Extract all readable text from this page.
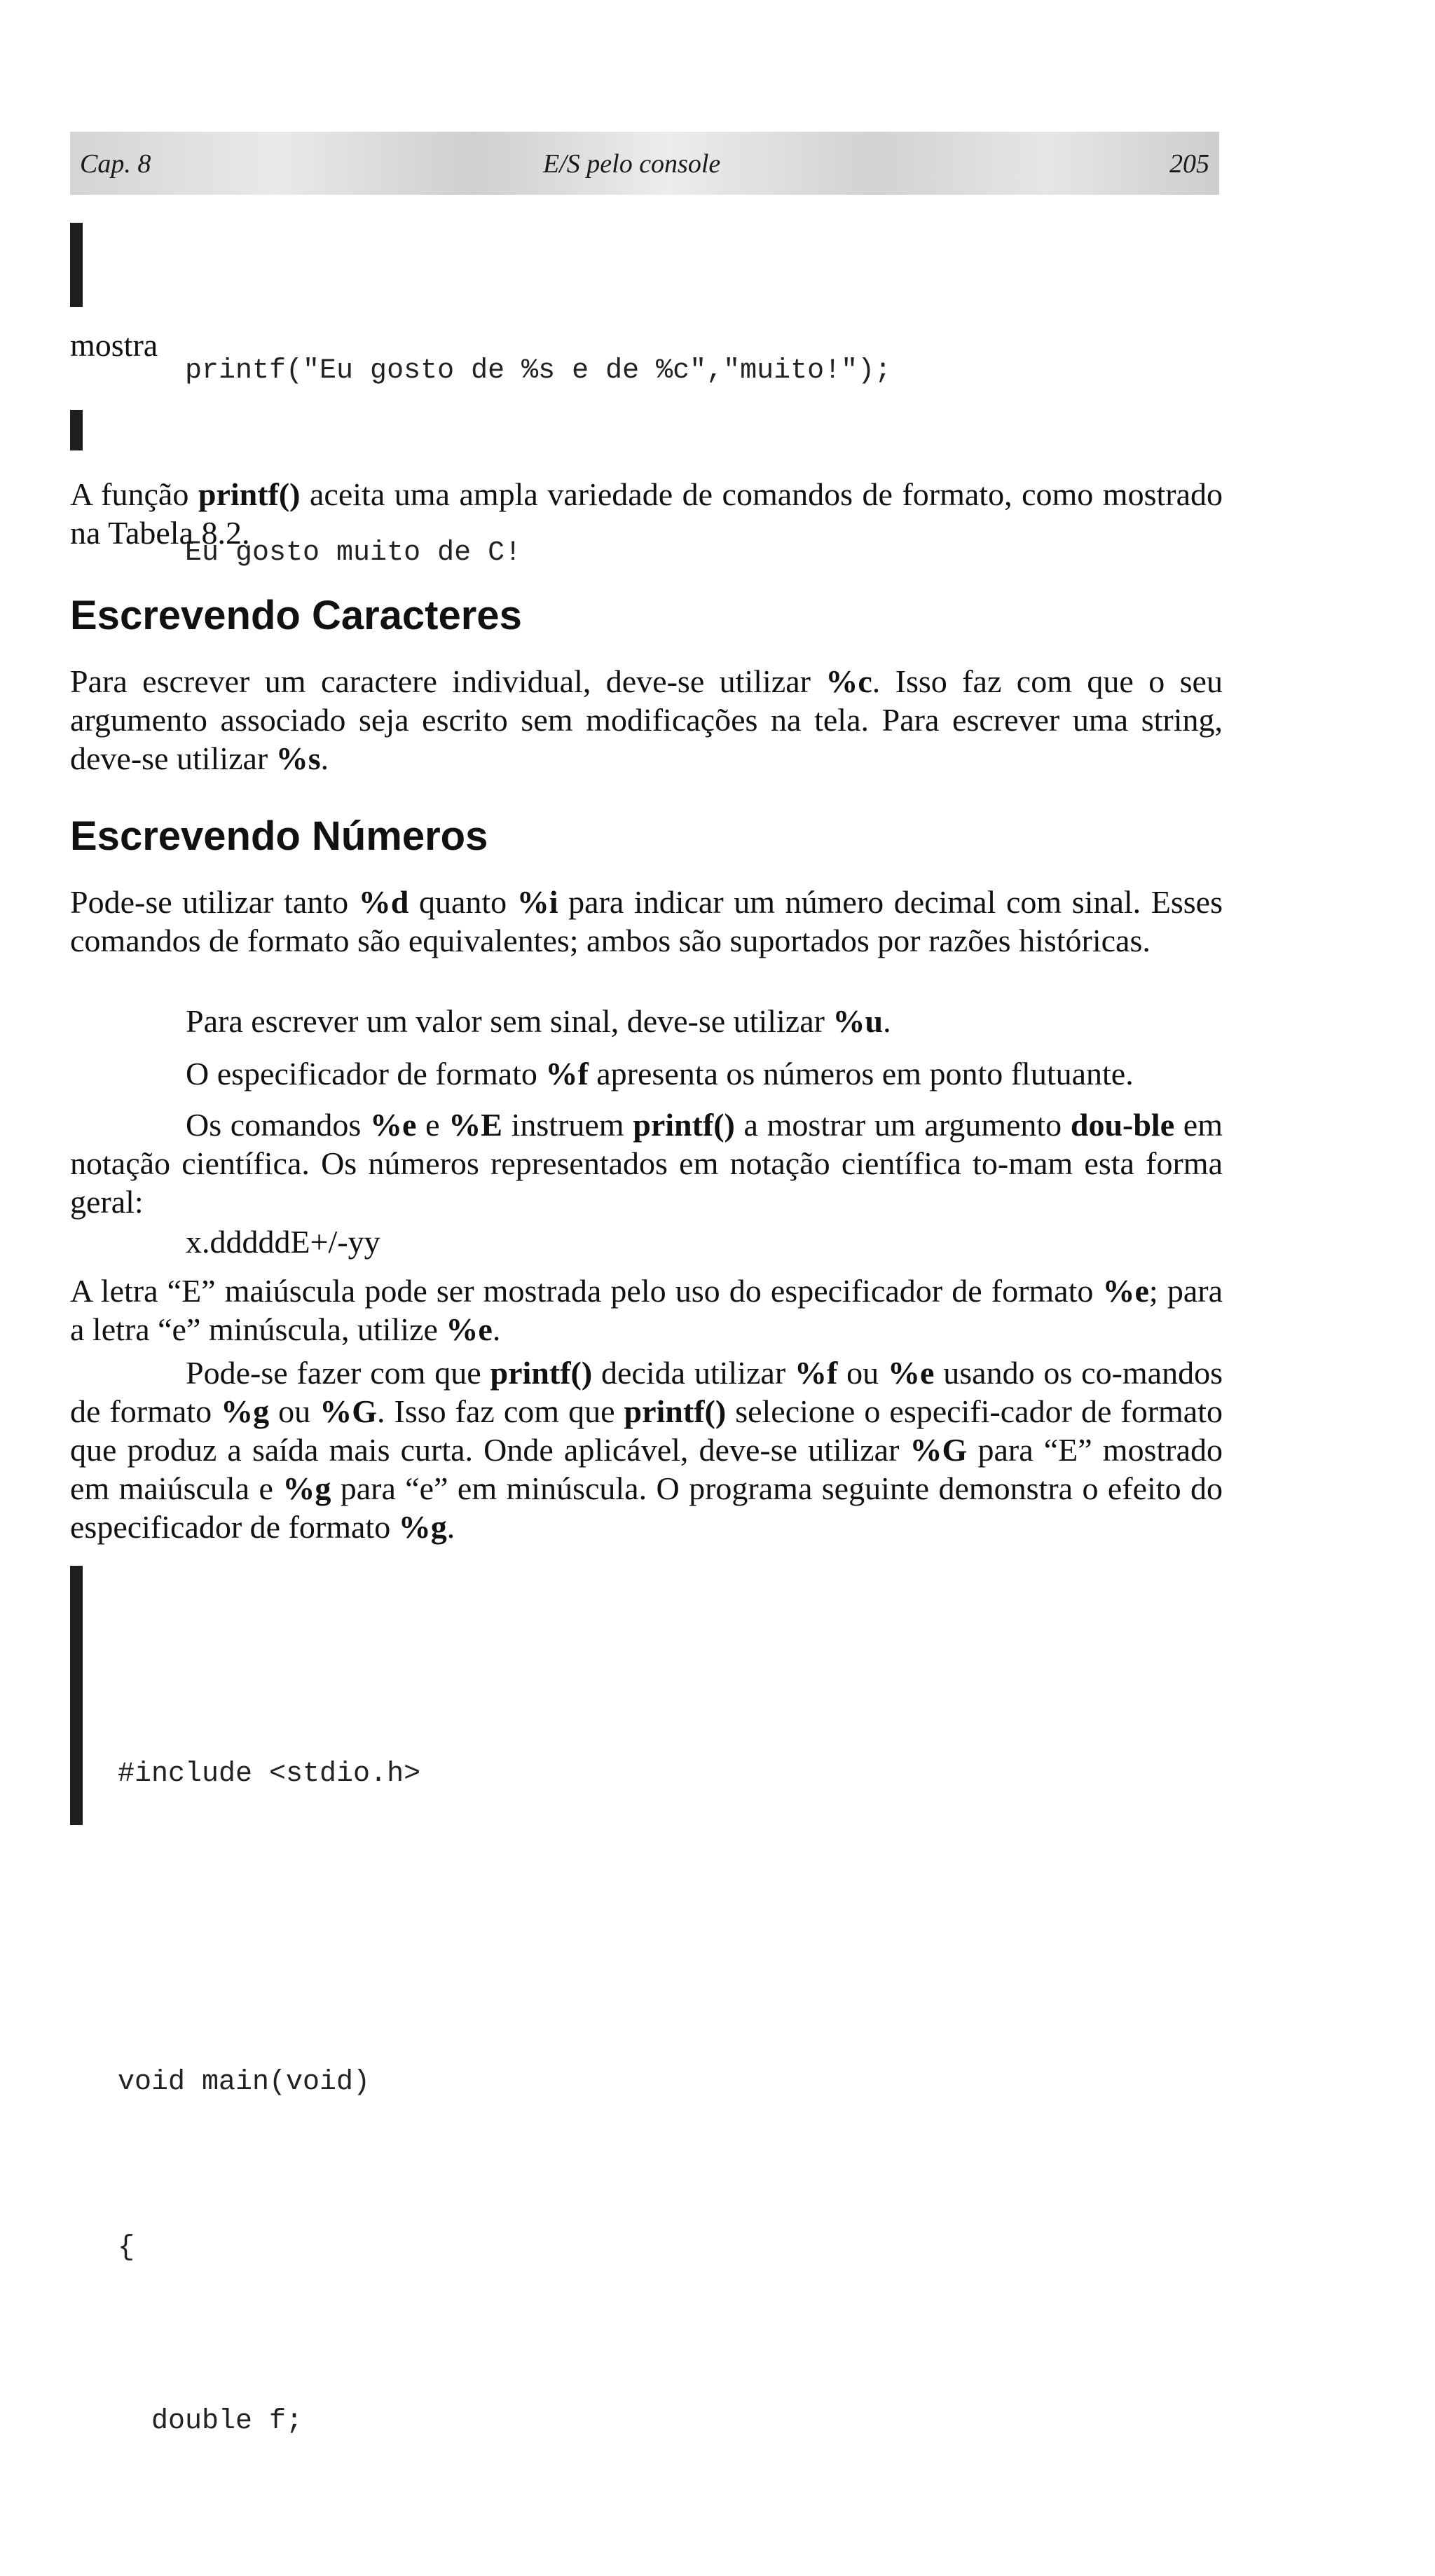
Cap. 8	E/S pelo console	205

printf("Eu gosto de %s e de %c","muito!");

mostra

Eu gosto muito de C!

A função printf() aceita uma ampla variedade de comandos de formato, como mostrado na Tabela 8.2.

Escrevendo Caracteres

Para escrever um caractere individual, deve-se utilizar %c. Isso faz com que o seu argumento associado seja escrito sem modificações na tela. Para escrever uma string, deve-se utilizar %s.

Escrevendo Números

Pode-se utilizar tanto %d quanto %i para indicar um número decimal com sinal. Esses comandos de formato são equivalentes; ambos são suportados por razões históricas.

Para escrever um valor sem sinal, deve-se utilizar %u.
O especificador de formato %f apresenta os números em ponto flutuante.

Os comandos %e e %E instruem printf() a mostrar um argumento dou-ble em notação científica. Os números representados em notação científica to-mam esta forma geral:

x.dddddE+/-yy

A letra “E” maiúscula pode ser mostrada pelo uso do especificador de formato %e; para a letra “e” minúscula, utilize %e.

Pode-se fazer com que printf() decida utilizar %f ou %e usando os co-mandos de formato %g ou %G. Isso faz com que printf() selecione o especifi-cador de formato que produz a saída mais curta. Onde aplicável, deve-se utilizar %G para “E” mostrado em maiúscula e %g para “e” em minúscula. O programa seguinte demonstra o efeito do especificador de formato %g.

#include <stdio.h>

void main(void)

{

double f;
